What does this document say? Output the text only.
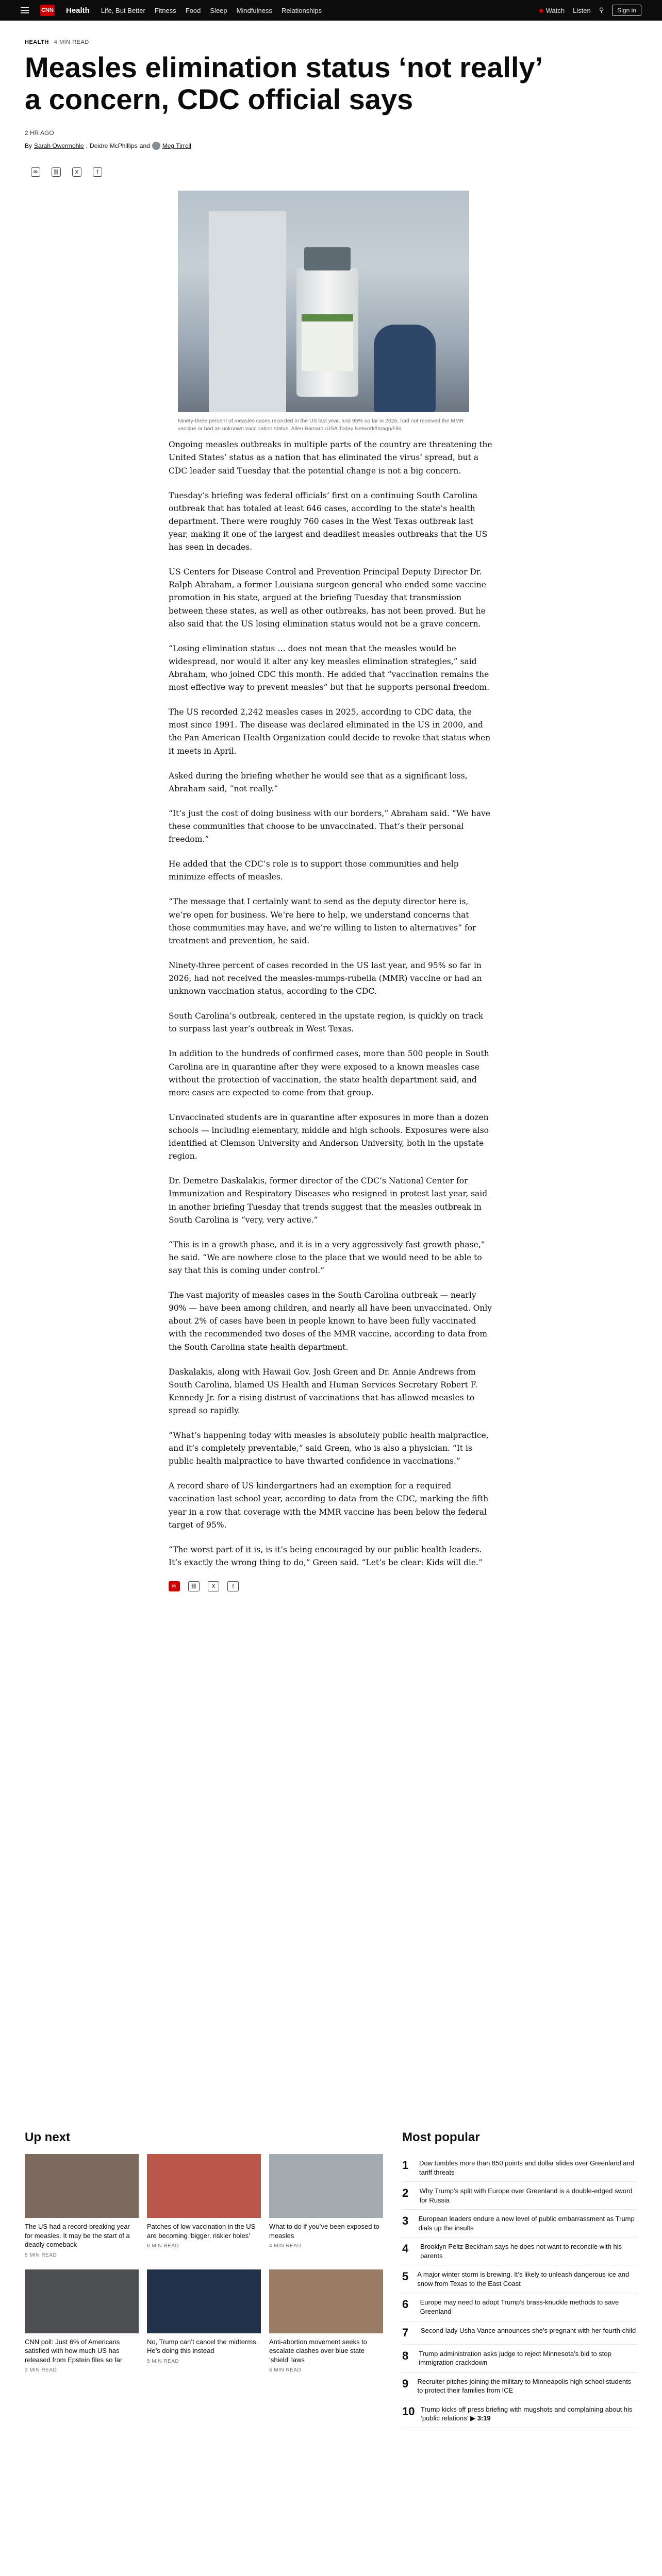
CNN Health Life, But Better Fitness Food Sleep Mindfulness Relationships	Watch Listen ⚲	Sign in
HEALTH 4 MIN READ
Measles elimination status ‘not really’ a concern, CDC official says
2 HR AGO
By Sarah Owermohle , Deidre McPhillips and Meg Tirrell
✉	⛓	X	f
Ninety-three percent of measles cases recorded in the US last year, and 95% so far in 2026, had not received the MMR vaccine or had an unknown vaccination status. Allen Bamard /USA Today Network/Imagn/File

Ongoing measles outbreaks in multiple parts of the country are threatening the United States’ status as a nation that has eliminated the virus’ spread, but a CDC leader said Tuesday that the potential change is not a big concern.

Tuesday’s briefing was federal officials’ first on a continuing South Carolina outbreak that has totaled at least 646 cases, according to the state’s health department. There were roughly 760 cases in the West Texas outbreak last year, making it one of the largest and deadliest measles outbreaks that the US has seen in decades.

US Centers for Disease Control and Prevention Principal Deputy Director Dr. Ralph Abraham, a former Louisiana surgeon general who ended some vaccine promotion in his state, argued at the briefing Tuesday that transmission between these states, as well as other outbreaks, has not been proved. But he also said that the US losing elimination status would not be a grave concern.

“Losing elimination status … does not mean that the measles would be widespread, nor would it alter any key measles elimination strategies,” said Abraham, who joined CDC this month. He added that “vaccination remains the most effective way to prevent measles” but that he supports personal freedom.

The US recorded 2,242 measles cases in 2025, according to CDC data, the most since 1991. The disease was declared eliminated in the US in 2000, and the Pan American Health Organization could decide to revoke that status when it meets in April.

Asked during the briefing whether he would see that as a significant loss, Abraham said, “not really.”

“It’s just the cost of doing business with our borders,” Abraham said. “We have these communities that choose to be unvaccinated. That’s their personal freedom.”

He added that the CDC’s role is to support those communities and help minimize effects of measles.

“The message that I certainly want to send as the deputy director here is, we’re open for business. We’re here to help, we understand concerns that those communities may have, and we’re willing to listen to alternatives” for treatment and prevention, he said.

Ninety-three percent of cases recorded in the US last year, and 95% so far in 2026, had not received the measles-mumps-rubella (MMR) vaccine or had an unknown vaccination status, according to the CDC.

South Carolina’s outbreak, centered in the upstate region, is quickly on track to surpass last year’s outbreak in West Texas.

In addition to the hundreds of confirmed cases, more than 500 people in South Carolina are in quarantine after they were exposed to a known measles case without the protection of vaccination, the state health department said, and more cases are expected to come from that group.

Unvaccinated students are in quarantine after exposures in more than a dozen schools — including elementary, middle and high schools. Exposures were also identified at Clemson University and Anderson University, both in the upstate region.

Dr. Demetre Daskalakis, former director of the CDC’s National Center for Immunization and Respiratory Diseases who resigned in protest last year, said in another briefing Tuesday that trends suggest that the measles outbreak in South Carolina is “very, very active.”

“This is in a growth phase, and it is in a very aggressively fast growth phase,” he said. “We are nowhere close to the place that we would need to be able to say that this is coming under control.”

The vast majority of measles cases in the South Carolina outbreak — nearly 90% — have been among children, and nearly all have been unvaccinated. Only about 2% of cases have been in people known to have been fully vaccinated with the recommended two doses of the MMR vaccine, according to data from the South Carolina state health department.

Daskalakis, along with Hawaii Gov. Josh Green and Dr. Annie Andrews from South Carolina, blamed US Health and Human Services Secretary Robert F. Kennedy Jr. for a rising distrust of vaccinations that has allowed measles to spread so rapidly.

“What’s happening today with measles is absolutely public health malpractice, and it’s completely preventable,” said Green, who is also a physician. “It is public health malpractice to have thwarted confidence in vaccinations.”

A record share of US kindergartners had an exemption for a required vaccination last school year, according to data from the CDC, marking the fifth year in a row that coverage with the MMR vaccine has been below the federal target of 95%.

“The worst part of it is, is it’s being encouraged by our public health leaders. It’s exactly the wrong thing to do,” Green said. “Let’s be clear: Kids will die.”

✉	⛓	X	f
Up next
The US had a record-breaking year for measles. It may be the start of a deadly comeback
5 MIN READ
Patches of low vaccination in the US are becoming ‘bigger, riskier holes’
6 MIN READ
What to do if you’ve been exposed to measles
4 MIN READ
CNN poll: Just 6% of Americans satisfied with how much US has released from Epstein files so far
3 MIN READ
No, Trump can’t cancel the midterms. He’s doing this instead
5 MIN READ
Anti-abortion movement seeks to escalate clashes over blue state ‘shield’ laws
6 MIN READ
Most popular
1	Dow tumbles more than 850 points and dollar slides over Greenland and tariff threats
2	Why Trump’s split with Europe over Greenland is a double-edged sword for Russia
3	European leaders endure a new level of public embarrassment as Trump dials up the insults
4	Brooklyn Peltz Beckham says he does not want to reconcile with his parents
5 A major winter storm is brewing. It’s likely to unleash dangerous ice and snow from Texas to the East Coast
6	Europe may need to adopt Trump’s brass-knuckle methods to save Greenland
7	Second lady Usha Vance announces she’s pregnant with her fourth child
8	Trump administration asks judge to reject Minnesota’s bid to stop immigration crackdown
9 Recruiter pitches joining the military to Minneapolis high school students to protect their families from ICE
10 Trump kicks off press briefing with mugshots and complaining about his ‘public relations’ ▶ 3:19
